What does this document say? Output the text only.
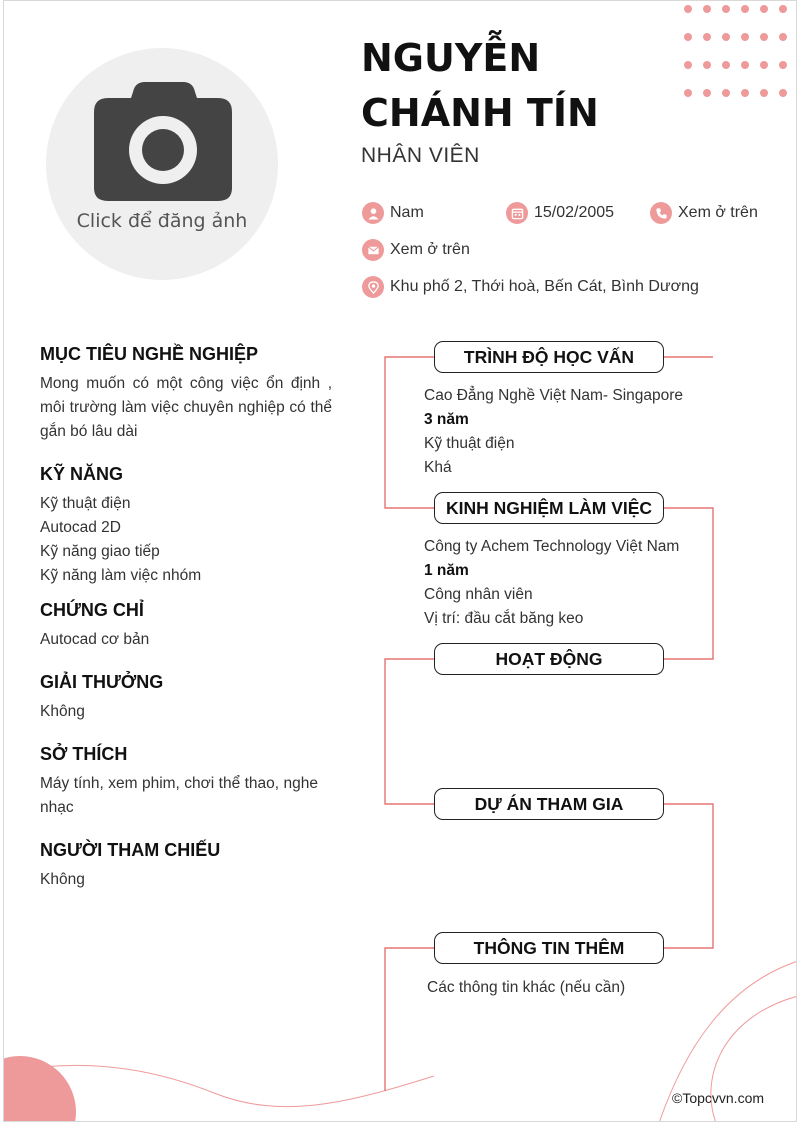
Click để đăng ảnh
NGUYỄN
CHÁNH TÍN
NHÂN VIÊN
Nam	15/02/2005	Xem ở trên
Xem ở trên
Khu phố 2, Thới hoà, Bến Cát, Bình Dương
MỤC TIÊU NGHỀ NGHIỆP
Mong muốn có một công việc ổn định , môi trường làm việc chuyên nghiệp có thể gắn bó lâu dài
KỸ NĂNG
Kỹ thuật điện
Autocad 2D
Kỹ năng giao tiếp
Kỹ năng làm việc nhóm
CHỨNG CHỈ
Autocad cơ bản
GIẢI THƯỞNG
Không
SỞ THÍCH
Máy tính, xem phim, chơi thể thao, nghe nhạc
NGƯỜI THAM CHIẾU
Không
TRÌNH ĐỘ HỌC VẤN
Cao Đẳng Nghề Việt Nam- Singapore
3 năm
Kỹ thuật điện
Khá
KINH NGHIỆM LÀM VIỆC
Công ty Achem Technology Việt Nam
1 năm
Công nhân viên
Vị trí: đầu cắt băng keo
HOẠT ĐỘNG
DỰ ÁN THAM GIA
THÔNG TIN THÊM
Các thông tin khác (nếu cần)
©Topcvvn.com
